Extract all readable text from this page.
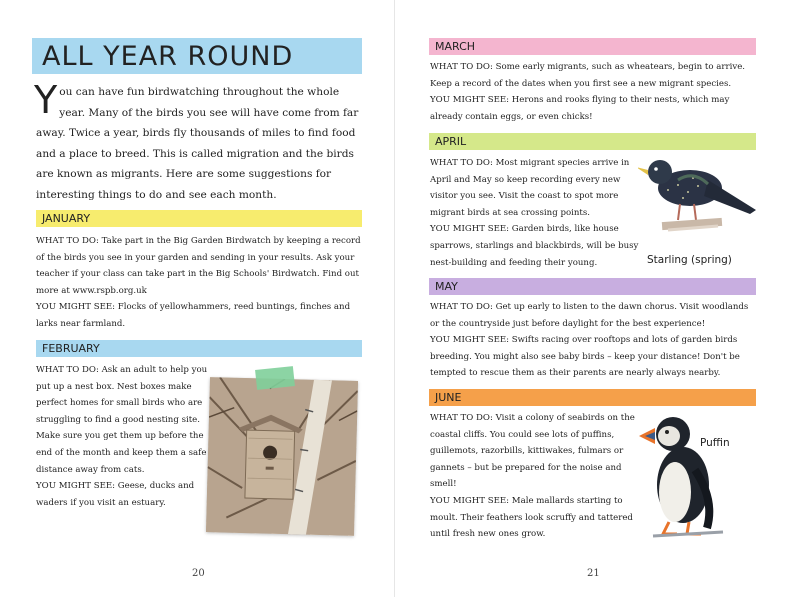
ALL YEAR ROUND
You can have fun birdwatching throughout the whole year. Many of the birds you see will have come from far away. Twice a year, birds fly thousands of miles to find food and a place to breed. This is called migration and the birds are known as migrants. Here are some suggestions for interesting things to do and see each month.
JANUARY
WHAT TO DO: Take part in the Big Garden Birdwatch by keeping a record of the birds you see in your garden and sending in your results. Ask your teacher if your class can take part in the Big Schools' Birdwatch. Find out more at www.rspb.org.uk
YOU MIGHT SEE: Flocks of yellowhammers, reed buntings, finches and larks near farmland.
FEBRUARY
WHAT TO DO: Ask an adult to help you put up a nest box. Nest boxes make perfect homes for small birds who are struggling to find a good nesting site. Make sure you get them up before the end of the month and keep them a safe distance away from cats.
YOU MIGHT SEE: Geese, ducks and waders if you visit an estuary.
20
MARCH
WHAT TO DO: Some early migrants, such as wheatears, begin to arrive. Keep a record of the dates when you first see a new migrant species.
YOU MIGHT SEE: Herons and rooks flying to their nests, which may already contain eggs, or even chicks!
APRIL
WHAT TO DO: Most migrant species arrive in April and May so keep recording every new visitor you see. Visit the coast to spot more migrant birds at sea crossing points.
YOU MIGHT SEE: Garden birds, like house sparrows, starlings and blackbirds, will be busy nest-building and feeding their young.	Starling (spring)
MAY
WHAT TO DO: Get up early to listen to the dawn chorus. Visit woodlands or the countryside just before daylight for the best experience!
YOU MIGHT SEE: Swifts racing over rooftops and lots of garden birds breeding. You might also see baby birds – keep your distance! Don't be tempted to rescue them as their parents are nearly always nearby.
JUNE
WHAT TO DO: Visit a colony of seabirds on the coastal cliffs. You could see lots of puffins, guillemots, razorbills, kittiwakes, fulmars or gannets – but be prepared for the noise and smell!
YOU MIGHT SEE: Male mallards starting to moult. Their feathers look scruffy and tattered until fresh new ones grow.
Puffin
21
